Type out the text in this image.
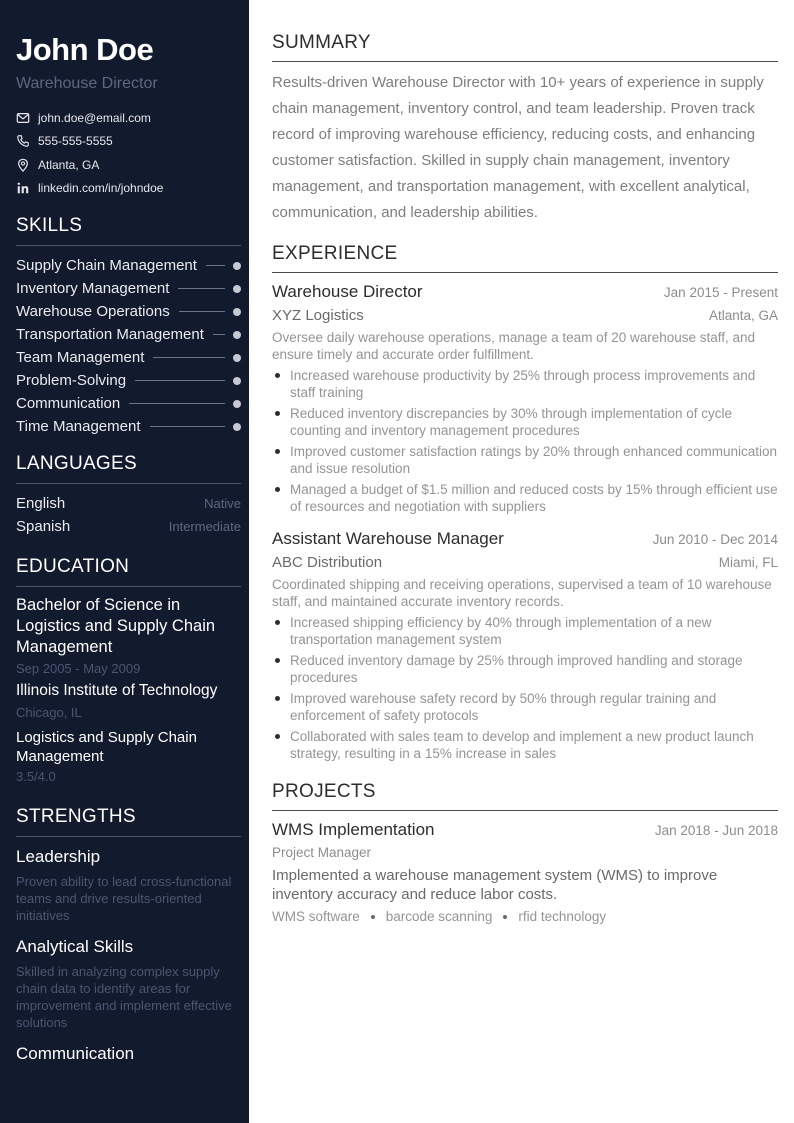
John Doe
Warehouse Director
john.doe@email.com
555-555-5555
Atlanta, GA
linkedin.com/in/johndoe
SKILLS
Supply Chain Management
Inventory Management
Warehouse Operations
Transportation Management
Team Management
Problem-Solving
Communication
Time Management
LANGUAGES
English	Native
Spanish	Intermediate
EDUCATION
Bachelor of Science in Logistics and Supply Chain Management
Sep 2005 - May 2009
Illinois Institute of Technology
Chicago, IL
Logistics and Supply Chain Management
3.5/4.0
STRENGTHS
Leadership
Proven ability to lead cross-functional teams and drive results-oriented initiatives
Analytical Skills
Skilled in analyzing complex supply chain data to identify areas for improvement and implement effective solutions
Communication
SUMMARY

Results-driven Warehouse Director with 10+ years of experience in supply chain management, inventory control, and team leadership. Proven track record of improving warehouse efficiency, reducing costs, and enhancing customer satisfaction. Skilled in supply chain management, inventory management, and transportation management, with excellent analytical, communication, and leadership abilities.

EXPERIENCE
Warehouse Director	Jan 2015 - Present
XYZ Logistics	Atlanta, GA

Oversee daily warehouse operations, manage a team of 20 warehouse staff, and ensure timely and accurate order fulfillment.

Increased warehouse productivity by 25% through process improvements and staff training
Reduced inventory discrepancies by 30% through implementation of cycle counting and inventory management procedures
Improved customer satisfaction ratings by 20% through enhanced communication and issue resolution
Managed a budget of $1.5 million and reduced costs by 15% through efficient use of resources and negotiation with suppliers
Assistant Warehouse Manager	Jun 2010 - Dec 2014
ABC Distribution	Miami, FL

Coordinated shipping and receiving operations, supervised a team of 10 warehouse staff, and maintained accurate inventory records.

Increased shipping efficiency by 40% through implementation of a new transportation management system
Reduced inventory damage by 25% through improved handling and storage procedures
Improved warehouse safety record by 50% through regular training and enforcement of safety protocols
Collaborated with sales team to develop and implement a new product launch strategy, resulting in a 15% increase in sales
PROJECTS
WMS Implementation	Jan 2018 - Jun 2018
Project Manager

Implemented a warehouse management system (WMS) to improve inventory accuracy and reduce labor costs.

WMS software barcode scanning rfid technology
